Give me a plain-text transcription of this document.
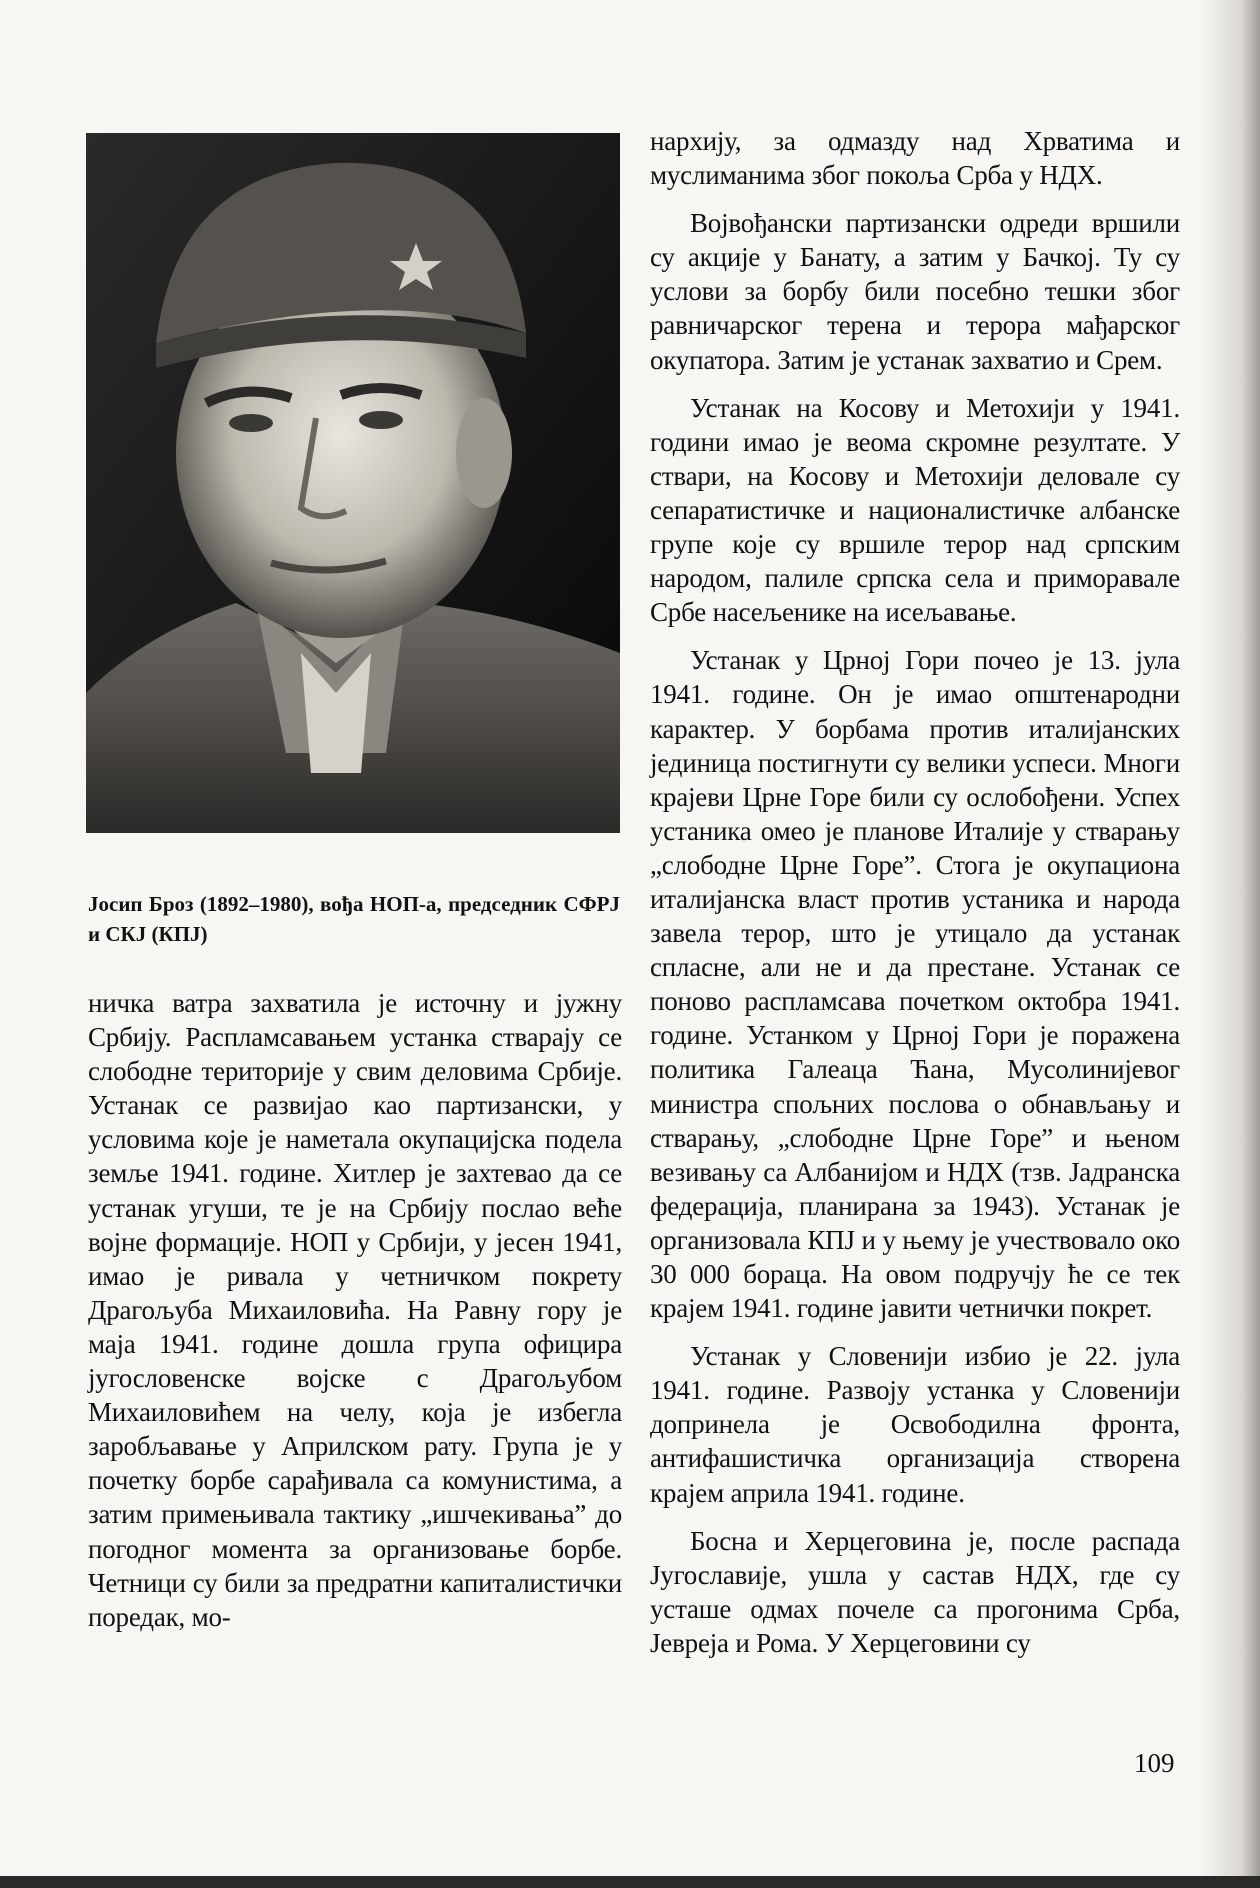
Јосип Броз (1892–1980), вођа НОП-а, председник СФРЈ и СКЈ (КПЈ)

ничка ватра захватила је источну и јужну Србију. Распламсавањем устанка стварају се слободне територије у свим деловима Србије. Устанак се развијао као партизански, у условима које је наметала окупацијска подела земље 1941. године. Хитлер је захтевао да се устанак угуши, те је на Србију послао веће војне формације. НОП у Србији, у јесен 1941, имао је ривала у четничком покрету Драгољуба Михаиловића. На Равну гору је маја 1941. године дошла група официра југословенске војске с Драгољубом Михаиловићем на челу, која је избегла заробљавање у Априлском рату. Група је у почетку борбе сарађивала са комунистима, а затим примењивала тактику „ишчекивања” до погодног момента за организовање борбе. Четници су били за предратни капиталистички поредак, мо-

нархију, за одмазду над Хрватима и муслиманима због покоља Срба у НДХ.

Војвођански партизански одреди вршили су акције у Банату, а затим у Бачкој. Ту су услови за борбу били посебно тешки због равничарског терена и терора мађарског окупатора. Затим је устанак захватио и Срем.

Устанак на Косову и Метохији у 1941. години имао је веома скромне резултате. У ствари, на Косову и Метохији деловале су сепаратистичке и националистичке албанске групе које су вршиле терор над српским народом, палиле српска села и приморавале Србе насељенике на исељавање.

Устанак у Црној Гори почео је 13. јула 1941. године. Он је имао општенародни карактер. У борбама против италијанских јединица постигнути су велики успеси. Многи крајеви Црне Горе били су ослобођени. Успех устаника омео је планове Италије у стварању „слободне Црне Горе”. Стога је окупациона италијанска власт против устаника и народа завела терор, што је утицало да устанак спласне, али не и да престане. Устанак се поново распламсава почетком октобра 1941. године. Устанком у Црној Гори је поражена политика Галеаца Ћана, Мусолинијевог министра спољних послова о обнављању и стварању, „слободне Црне Горе” и њеном везивању са Албанијом и НДХ (тзв. Јадранска федерација, планирана за 1943). Устанак је организовала КПЈ и у њему је учествовало око 30 000 бораца. На овом подручју ће се тек крајем 1941. године јавити четнички покрет.

Устанак у Словенији избио је 22. јула 1941. године. Развоју устанка у Словенији допринела је Освободилна фронта, антифашистичка организација створена крајем априла 1941. године.

Босна и Херцеговина је, после распада Југославије, ушла у састав НДХ, где су усташе одмах почеле са прогонима Срба, Јевреја и Рома. У Херцеговини су

109
